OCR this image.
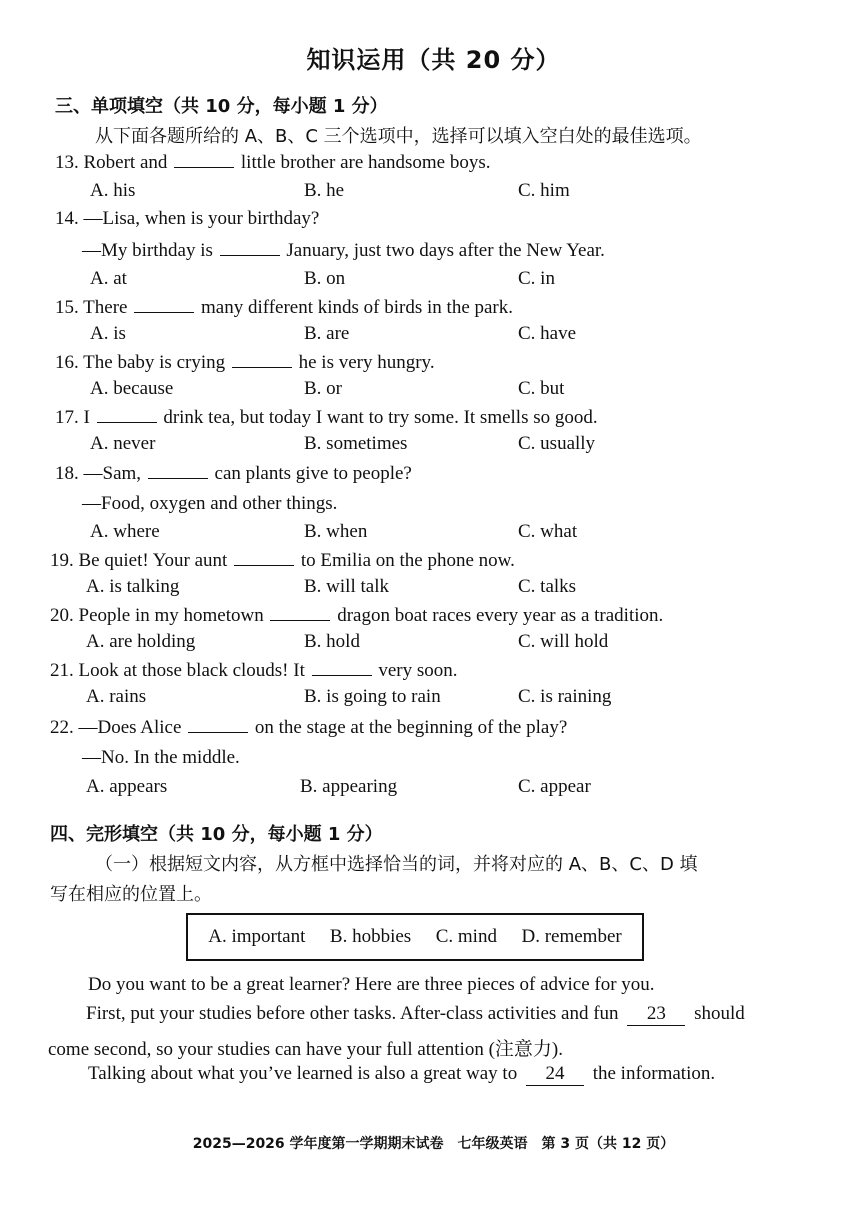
知识运用（共 20 分）
三、单项填空（共 10 分，每小题 1 分）
从下面各题所给的 A、B、C 三个选项中，选择可以填入空白处的最佳选项。
13. Robert and	little brother are handsome boys.
A. his	B. he	C. him
14. —Lisa, when is your birthday?
—My birthday is	January, just two days after the New Year.
A. at	B. on	C. in
15. There	many different kinds of birds in the park.
A. is	B. are	C. have
16. The baby is crying	he is very hungry.
A. because	B. or	C. but
17. I	drink tea, but today I want to try some. It smells so good.
A. never	B. sometimes	C. usually
18. —Sam,	can plants give to people?
—Food, oxygen and other things.
A. where	B. when	C. what
19. Be quiet! Your aunt	to Emilia on the phone now.
A. is talking	B. will talk	C. talks
20. People in my hometown	dragon boat races every year as a tradition.
A. are holding	B. hold	C. will hold
21. Look at those black clouds! It	very soon.
A. rains	B. is going to rain	C. is raining
22. —Does Alice	on the stage at the beginning of the play?
—No. In the middle.
A. appears	B. appearing	C. appear
四、完形填空（共 10 分，每小题 1 分）
（一）根据短文内容，从方框中选择恰当的词，并将对应的 A、B、C、D 填
写在相应的位置上。
A. important B. hobbies C. mind D. remember
Do you want to be a great learner? Here are three pieces of advice for you.
First, put your studies before other tasks. After-class activities and fun 23 should
come second, so your studies can have your full attention (注意力).
Talking about what you’ve learned is also a great way to 24 the information.
2025—2026 学年度第一学期期末试卷　七年级英语　第 3 页（共 12 页）
